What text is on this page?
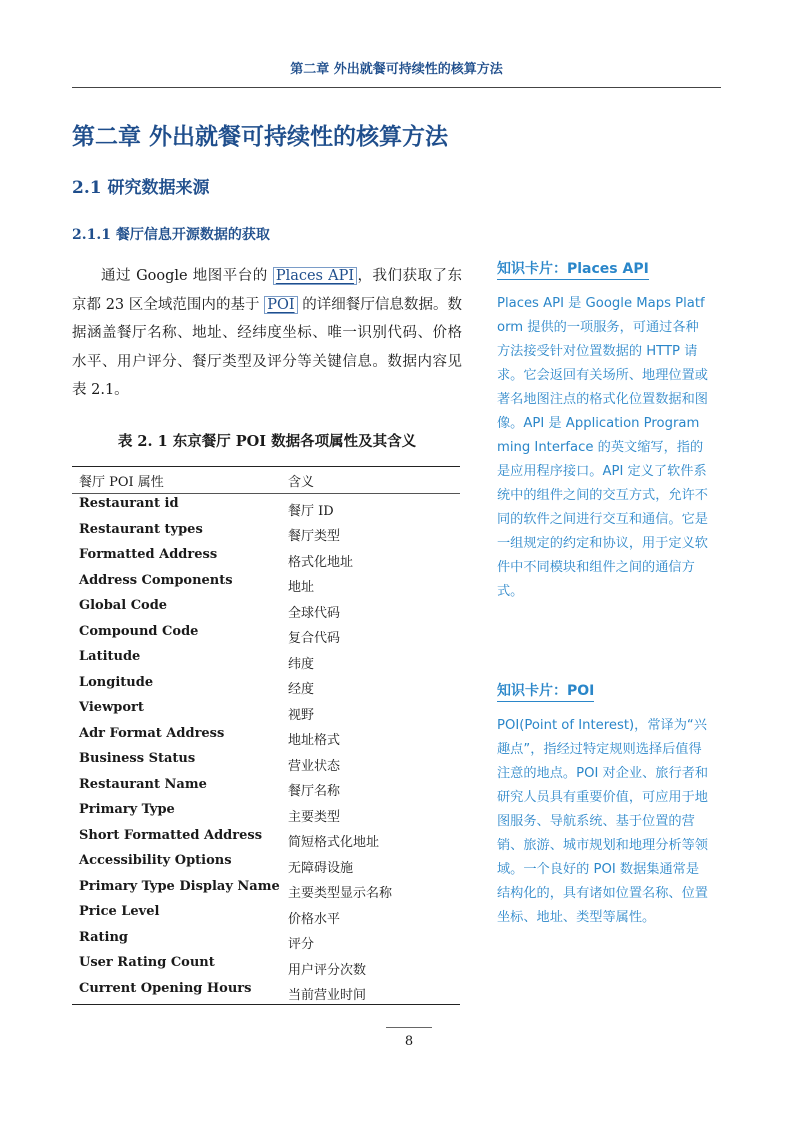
第二章 外出就餐可持续性的核算方法
第二章 外出就餐可持续性的核算方法
2.1 研究数据来源
2.1.1 餐厅信息开源数据的获取
通过 Google 地图平台的 Places API ，我们获取了东京都 23 区全域范围内的基于 POI 的详细餐厅信息数据。数据涵盖餐厅名称、地址、经纬度坐标、唯一识别代码、价格水平、用户评分、餐厅类型及评分等关键信息。数据内容见表 2.1。
表 2. 1 东京餐厅 POI 数据各项属性及其含义
餐厅 POI 属性	含义
Restaurant id	餐厅 ID
Restaurant types	餐厅类型
Formatted Address	格式化地址
Address Components	地址
Global Code	全球代码
Compound Code	复合代码
Latitude	纬度
Longitude	经度
Viewport	视野
Adr Format Address	地址格式
Business Status	营业状态
Restaurant Name	餐厅名称
Primary Type	主要类型
Short Formatted Address	简短格式化地址
Accessibility Options	无障碍设施
Primary Type Display Name 主要类型显示名称
Price Level	价格水平
Rating	评分
User Rating Count	用户评分次数
Current Opening Hours	当前营业时间
8
知识卡片：Places API
Places API 是 Google Maps Platform 提供的一项服务，可通过各种方法接受针对位置数据的 HTTP 请求。它会返回有关场所、地理位置或著名地图注点的格式化位置数据和图像。API 是 Application Programming Interface 的英文缩写，指的是应用程序接口。API 定义了软件系统中的组件之间的交互方式，允许不同的软件之间进行交互和通信。它是一组规定的约定和协议，用于定义软件中不同模块和组件之间的通信方式。
知识卡片：POI
POI(Point of Interest)，常译为“兴趣点”，指经过特定规则选择后值得注意的地点。POI 对企业、旅行者和研究人员具有重要价值，可应用于地图服务、导航系统、基于位置的营销、旅游、城市规划和地理分析等领域。一个良好的 POI 数据集通常是结构化的，具有诸如位置名称、位置坐标、地址、类型等属性。
